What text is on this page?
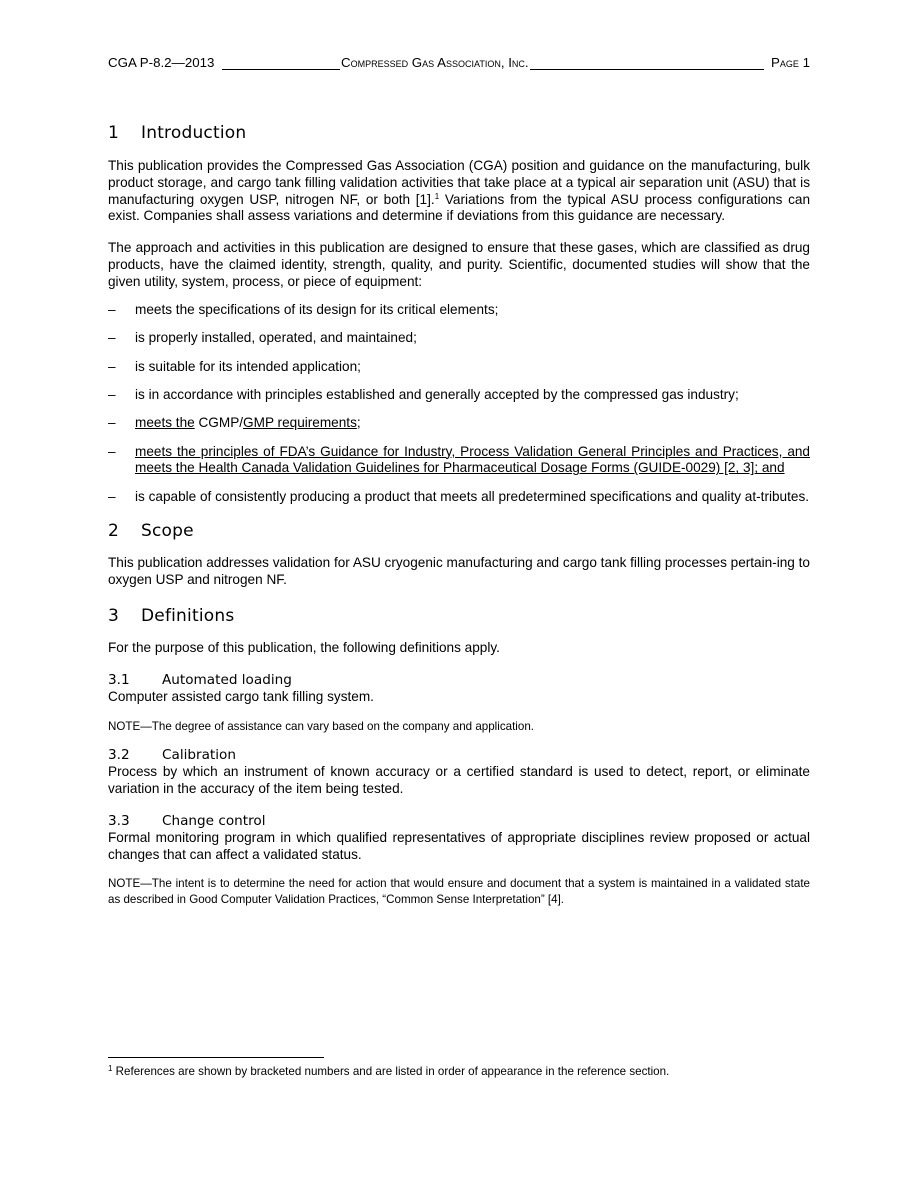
CGA P-8.2—2013	Compressed Gas Association, Inc.	Page 1
1 Introduction

This publication provides the Compressed Gas Association (CGA) position and guidance on the manufacturing, bulk product storage, and cargo tank filling validation activities that take place at a typical air separation unit (ASU) that is manufacturing oxygen USP, nitrogen NF, or both [1].$^1$ Variations from the typical ASU process configurations can exist. Companies shall assess variations and determine if deviations from this guidance are necessary.

The approach and activities in this publication are designed to ensure that these gases, which are classified as drug products, have the claimed identity, strength, quality, and purity. Scientific, documented studies will show that the given utility, system, process, or piece of equipment:

– meets the specifications of its design for its critical elements;
– is properly installed, operated, and maintained;
– is suitable for its intended application;
– is in accordance with principles established and generally accepted by the compressed gas industry;
– meets the CGMP/GMP requirements;
– meets the principles of FDA’s Guidance for Industry, Process Validation General Principles and Practices, and meets the Health Canada Validation Guidelines for Pharmaceutical Dosage Forms (GUIDE-0029) [2, 3]; and
– is capable of consistently producing a product that meets all predetermined specifications and quality at-tributes.
2 Scope

This publication addresses validation for ASU cryogenic manufacturing and cargo tank filling processes pertain-ing to oxygen USP and nitrogen NF.

3 Definitions

For the purpose of this publication, the following definitions apply.

3.1 Automated loading

Computer assisted cargo tank filling system.

NOTE—The degree of assistance can vary based on the company and application.

3.2 Calibration

Process by which an instrument of known accuracy or a certified standard is used to detect, report, or eliminate variation in the accuracy of the item being tested.

3.3 Change control

Formal monitoring program in which qualified representatives of appropriate disciplines review proposed or actual changes that can affect a validated status.

NOTE—The intent is to determine the need for action that would ensure and document that a system is maintained in a validated state as described in Good Computer Validation Practices, “Common Sense Interpretation” [4].

$^1$ References are shown by bracketed numbers and are listed in order of appearance in the reference section.
